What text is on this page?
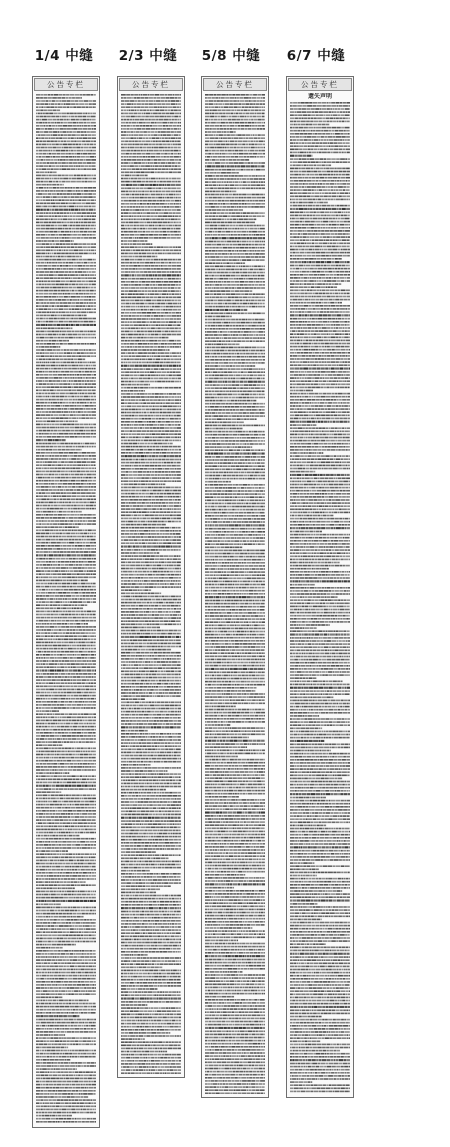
1/4 中缝	2/3 中缝	5/8 中缝	6/7 中缝
公告专栏	公告专栏	公告专栏	公告专栏
遗失声明
